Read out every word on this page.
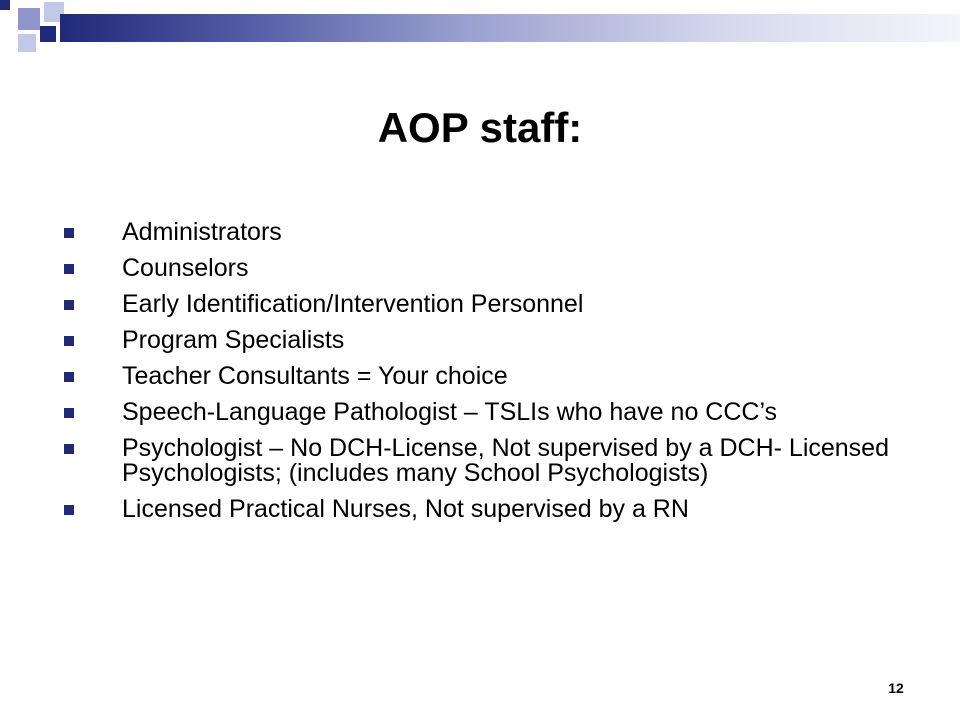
AOP staff:
Administrators
Counselors
Early Identification/Intervention Personnel
Program Specialists
Teacher Consultants = Your choice
Speech-Language Pathologist – TSLIs who have no CCC’s
Psychologist – No DCH-License, Not supervised by a DCH- Licensed Psychologists; (includes many School Psychologists)
Licensed Practical Nurses, Not supervised by a RN
12
